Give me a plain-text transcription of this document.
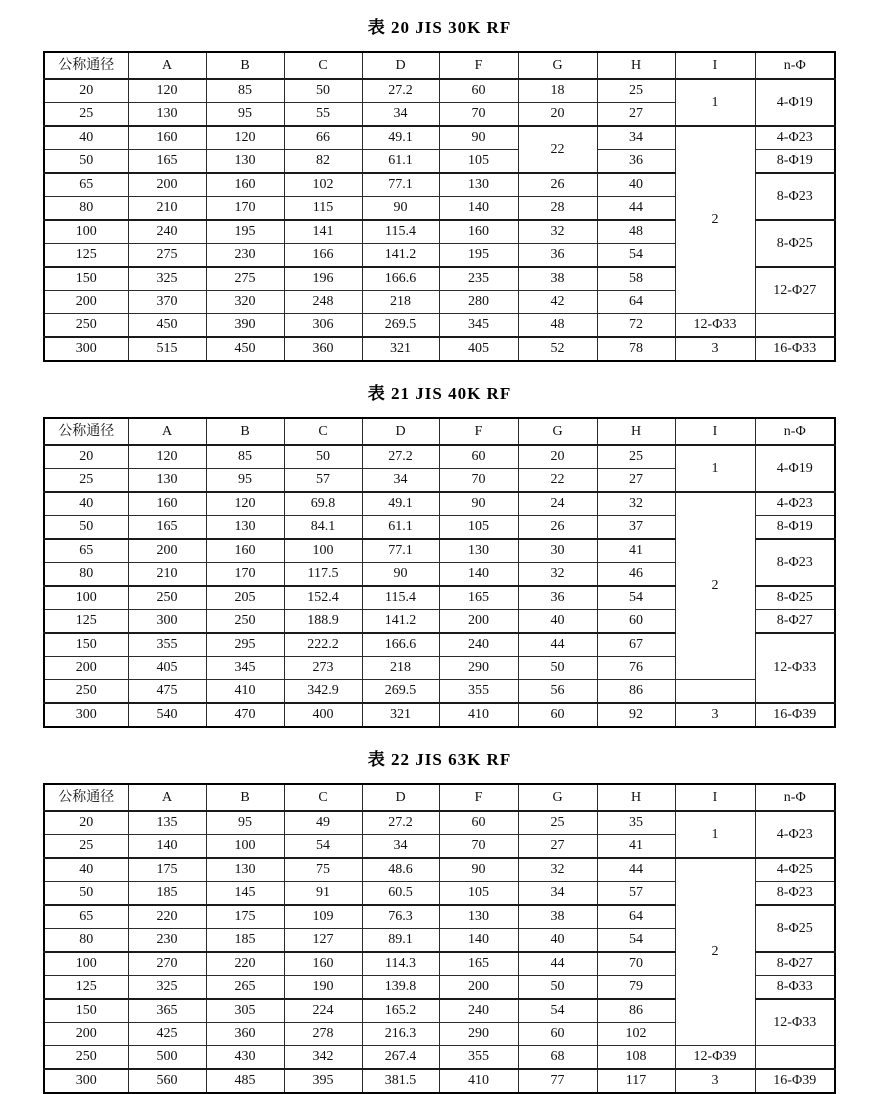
表 20 JIS 30K RF
公称通径	A	B	C	D	F	G	H	I	n-Φ
20	120	85	50	27.2	60	18	25	1	4-Φ19
25	130	95	55	34	70	20	27		
40	160	120	66	49.1	90	22	34	2	4-Φ23
50	165	130	82	61.1	105		36		8-Φ19
65	200	160	102	77.1	130	26	40		8-Φ23
80	210	170	115	90	140	28	44		
100	240	195	141	115.4	160	32	48		8-Φ25
125	275	230	166	141.2	195	36	54		
150	325	275	196	166.6	235	38	58		12-Φ27
200	370	320	248	218	280	42	64		
250	450	390	306	269.5	345	48	72	12-Φ33	
300	515	450	360	321	405	52	78	3	16-Φ33
表 21 JIS 40K RF
公称通径	A	B	C	D	F	G	H	I	n-Φ
20	120	85	50	27.2	60	20	25	1	4-Φ19
25	130	95	57	34	70	22	27		
40	160	120	69.8	49.1	90	24	32	2	4-Φ23
50	165	130	84.1	61.1	105	26	37		8-Φ19
65	200	160	100	77.1	130	30	41		8-Φ23
80	210	170	117.5	90	140	32	46		
100	250	205	152.4	115.4	165	36	54		8-Φ25
125	300	250	188.9	141.2	200	40	60		8-Φ27
150	355	295	222.2	166.6	240	44	67		12-Φ33
200	405	345	273	218	290	50	76		
250	475	410	342.9	269.5	355	56	86		
300	540	470	400	321	410	60	92	3	16-Φ39
表 22 JIS 63K RF
公称通径	A	B	C	D	F	G	H	I	n-Φ
20	135	95	49	27.2	60	25	35	1	4-Φ23
25	140	100	54	34	70	27	41		
40	175	130	75	48.6	90	32	44	2	4-Φ25
50	185	145	91	60.5	105	34	57		8-Φ23
65	220	175	109	76.3	130	38	64		8-Φ25
80	230	185	127	89.1	140	40	54		
100	270	220	160	114.3	165	44	70		8-Φ27
125	325	265	190	139.8	200	50	79		8-Φ33
150	365	305	224	165.2	240	54	86		12-Φ33
200	425	360	278	216.3	290	60	102		
250	500	430	342	267.4	355	68	108	12-Φ39	
300	560	485	395	381.5	410	77	117	3	16-Φ39
